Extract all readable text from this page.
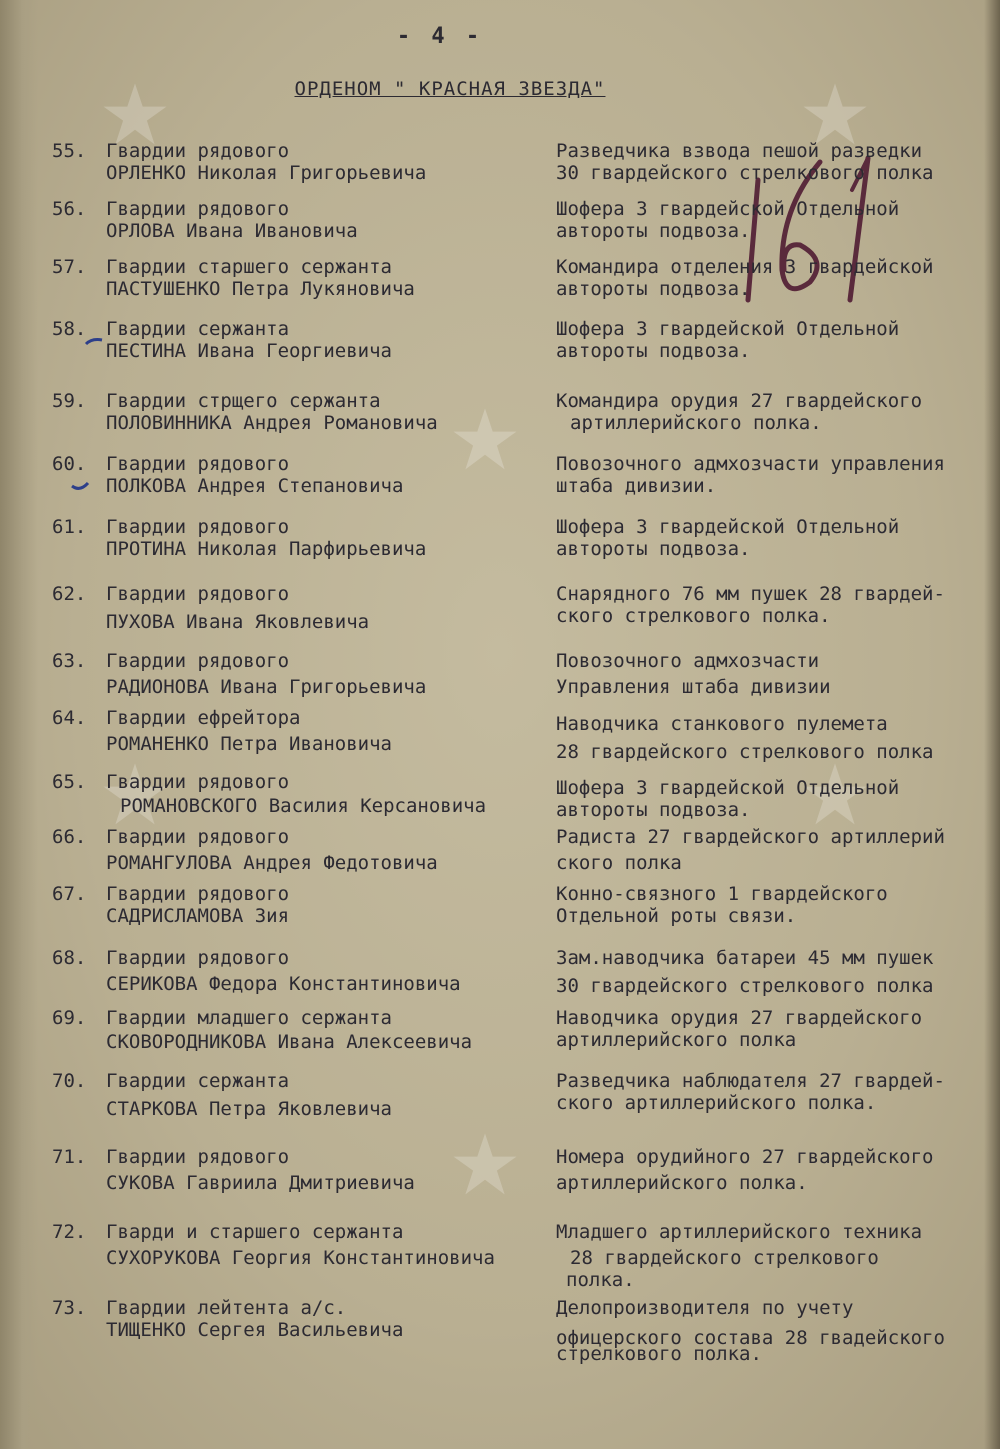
- 4 -
ОРДЕНОМ " КРАСНАЯ ЗВЕЗДА"
55. Гвардии рядового
ОРЛЕНКО Николая Григорьевича
Разведчика взвода пешой разведки
30 гвардейского стрелкового полка
56. Гвардии рядового
ОРЛОВА Ивана Ивановича
Шофера 3 гвардейской Отдельной
автороты подвоза.
57. Гвардии старшего сержанта
ПАСТУШЕНКО Петра Лукяновича
Командира отделения 3 гвардейской
автороты подвоза.
58. Гвардии сержанта
ПЕСТИНА Ивана Георгиевича
Шофера 3 гвардейской Отдельной
автороты подвоза.
59. Гвардии стрщего сержанта
ПОЛОВИННИКА Андрея Романовича
Командира орудия 27 гвардейского
артиллерийского полка.
60. Гвардии рядового
ПОЛКОВА Андрея Степановича
Повозочного адмхозчасти управления
штаба дивизии.
61. Гвардии рядового
ПРОТИНА Николая Парфирьевича
Шофера 3 гвардейской Отдельной
автороты подвоза.
62. Гвардии рядового
ПУХОВА Ивана Яковлевича
Снарядного 76 мм пушек 28 гвардей-
ского стрелкового полка.
63. Гвардии рядового
РАДИОНОВА Ивана Григорьевича
Повозочного адмхозчасти
Управления штаба дивизии
64. Гвардии ефрейтора
РОМАНЕНКО Петра Ивановича
Наводчика станкового пулемета
28 гвардейского стрелкового полка
65. Гвардии рядового
РОМАНОВСКОГО Василия Керсановича
Шофера 3 гвардейской Отдельной
автороты подвоза.
66. Гвардии рядового
РОМАНГУЛОВА Андрея Федотовича
Радиста 27 гвардейского артиллерий
ского полка
67. Гвардии рядового
САДРИСЛАМОВА Зия
Конно-связного 1 гвардейского
Отдельной роты связи.
68. Гвардии рядового
СЕРИКОВА Федора Константиновича
Зам.наводчика батареи 45 мм пушек
30 гвардейского стрелкового полка
69. Гвардии младшего сержанта
СКОВОРОДНИКОВА Ивана Алексеевича
Наводчика орудия 27 гвардейского
артиллерийского полка
70. Гвардии сержанта
СТАРКОВА Петра Яковлевича
Разведчика наблюдателя 27 гвардей-
ского артиллерийского полка.
71. Гвардии рядового
СУКОВА Гавриила Дмитриевича
Номера орудийного 27 гвардейского
артиллерийского полка.
72. Гварди и старшего сержанта
СУХОРУКОВА Георгия Константиновича
Младшего артиллерийского техника
28 гвардейского стрелкового
полка.
73. Гвардии лейтента а/с.
ТИЩЕНКО Сергея Васильевича
Делопроизводителя по учету
офицерского состава 28 гвадейского
стрелкового полка.
